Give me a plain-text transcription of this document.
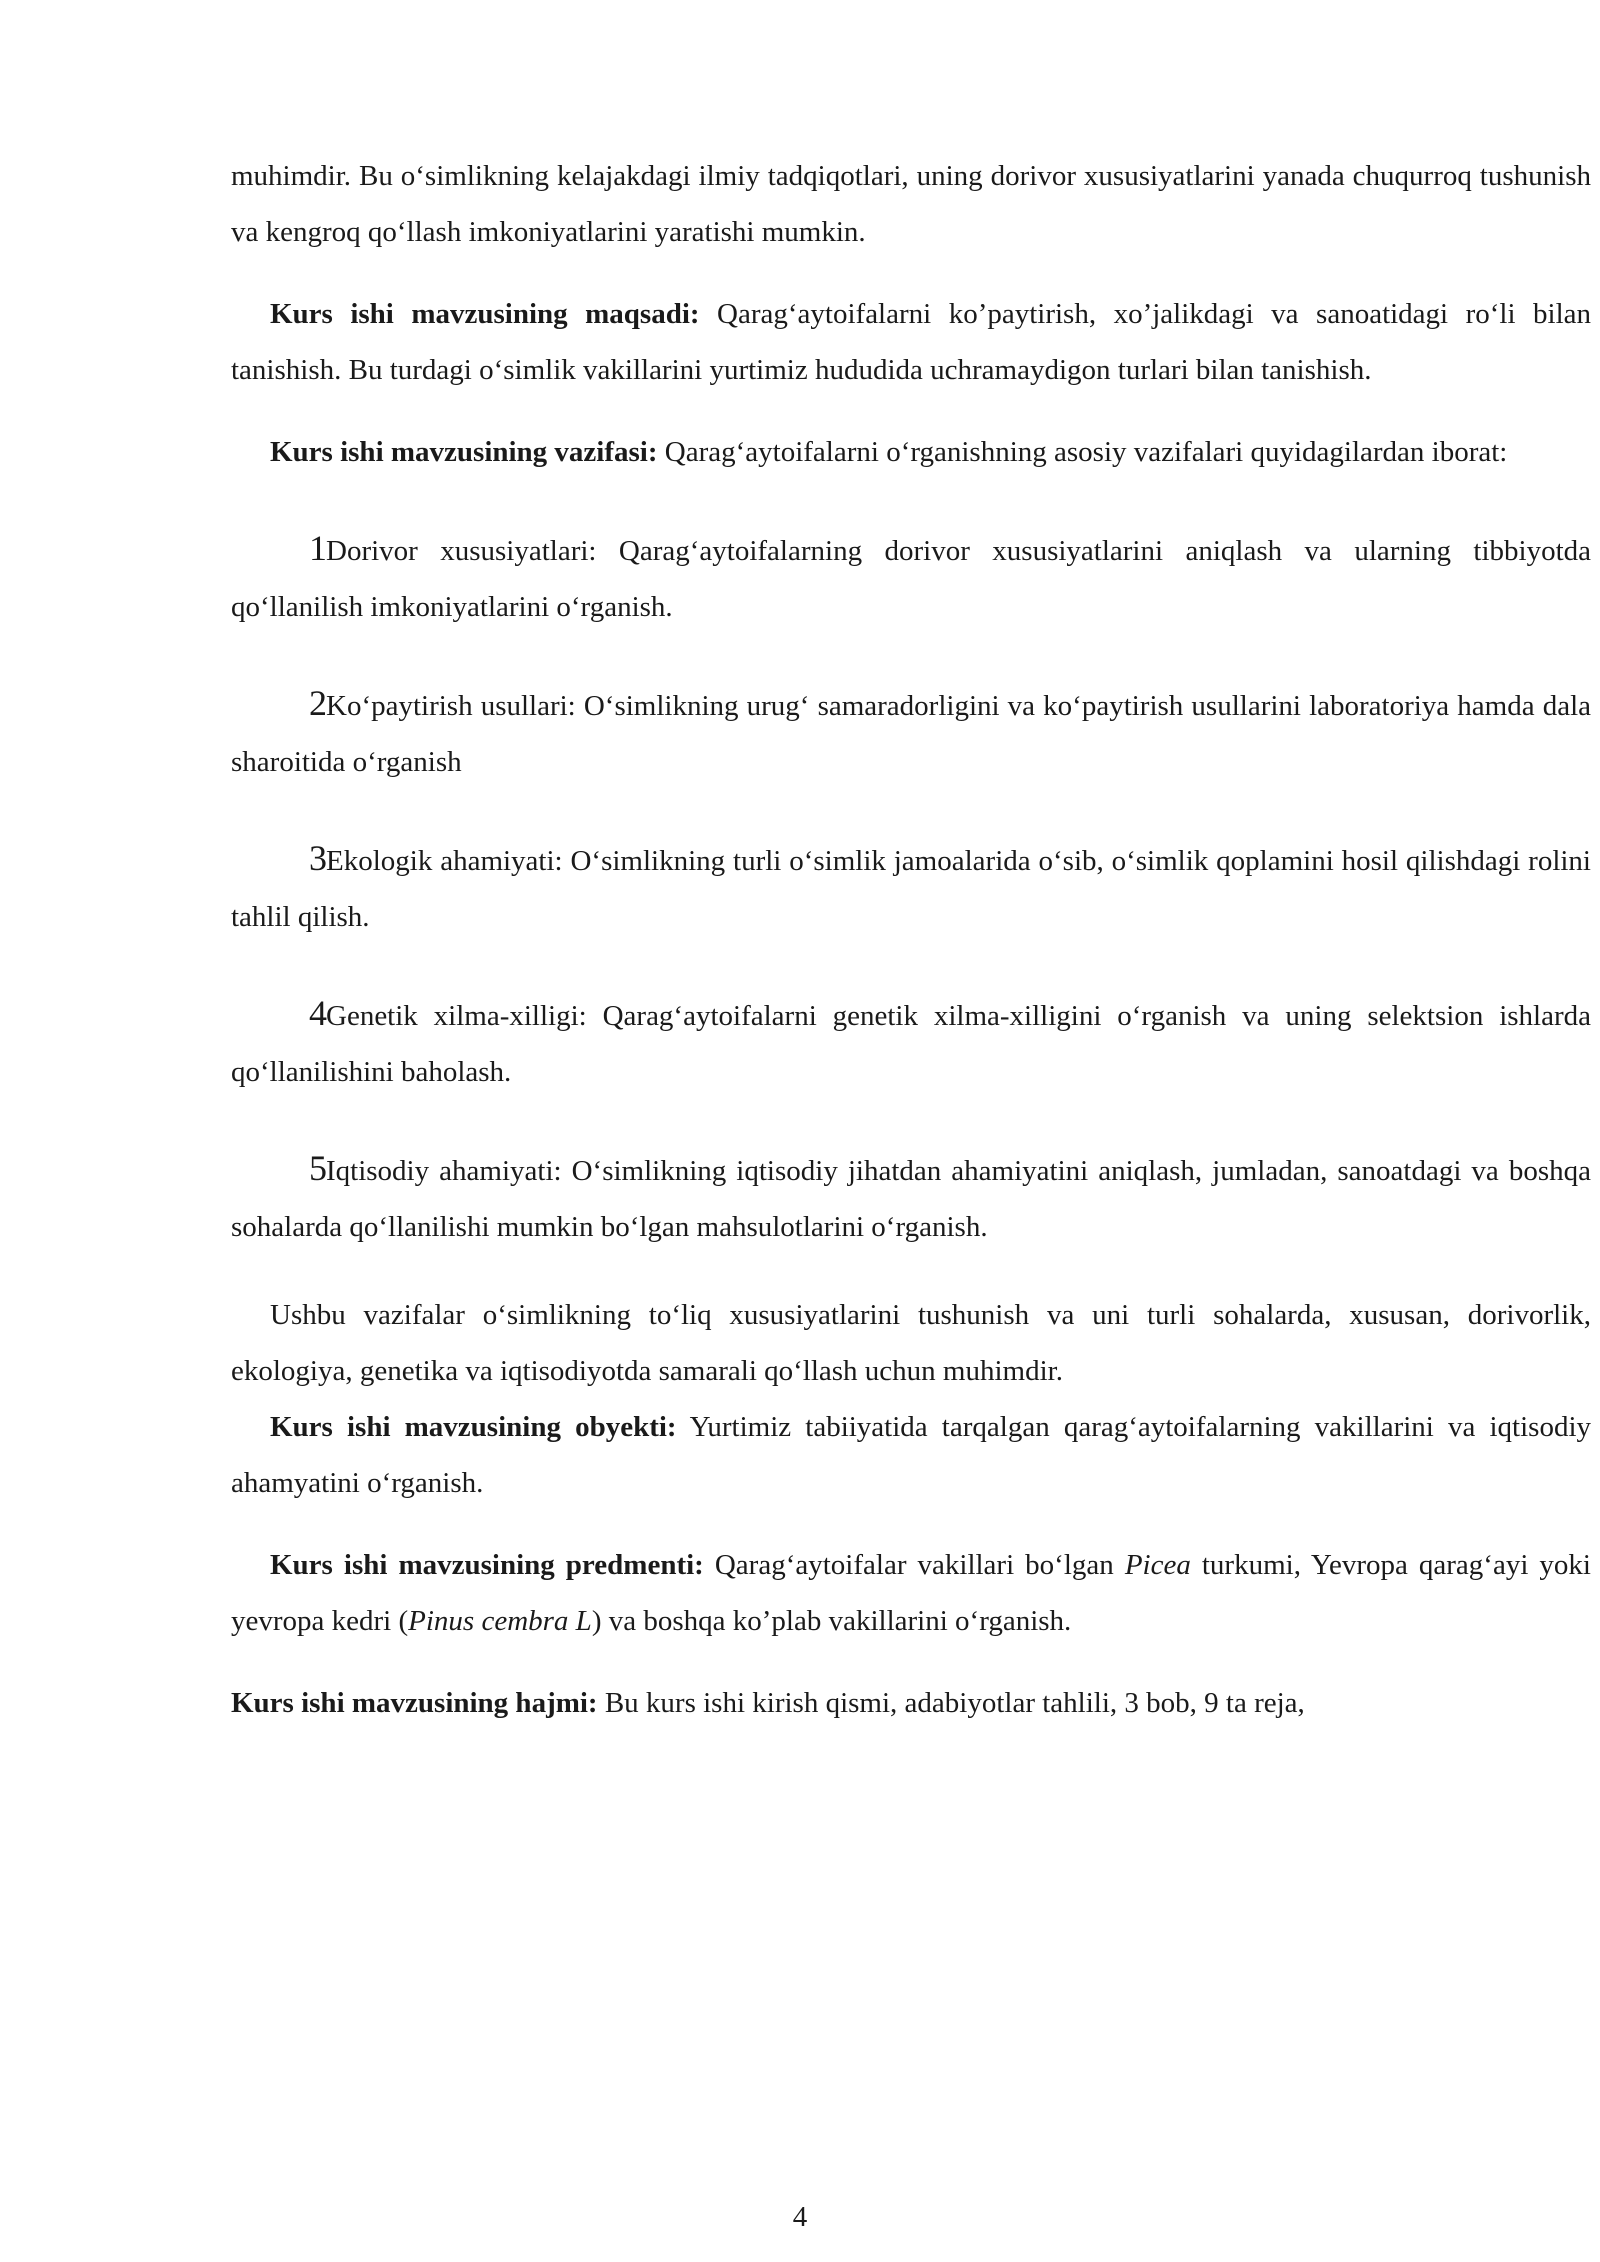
muhimdir. Bu o‘simlikning kelajakdagi ilmiy tadqiqotlari, uning dorivor xususiyatlarini yanada chuqurroq tushunish va kengroq qo‘llash imkoniyatlarini yaratishi mumkin.

Kurs ishi mavzusining maqsadi: Qarag‘aytoifalarni ko’paytirish, xo’jalikdagi va sanoatidagi ro‘li bilan tanishish. Bu turdagi o‘simlik vakillarini yurtimiz hududida uchramaydigon turlari bilan tanishish.

Kurs ishi mavzusining vazifasi: Qarag‘aytoifalarni o‘rganishning asosiy vazifalari quyidagilardan iborat:

1Dorivor xususiyatlari: Qarag‘aytoifalarning dorivor xususiyatlarini aniqlash va ularning tibbiyotda qo‘llanilish imkoniyatlarini o‘rganish.

2Ko‘paytirish usullari: O‘simlikning urug‘ samaradorligini va ko‘paytirish usullarini laboratoriya hamda dala sharoitida o‘rganish

3Ekologik ahamiyati: O‘simlikning turli o‘simlik jamoalarida o‘sib, o‘simlik qoplamini hosil qilishdagi rolini tahlil qilish.

4Genetik xilma-xilligi: Qarag‘aytoifalarni genetik xilma-xilligini o‘rganish va uning selektsion ishlarda qo‘llanilishini baholash.

5Iqtisodiy ahamiyati: O‘simlikning iqtisodiy jihatdan ahamiyatini aniqlash, jumladan, sanoatdagi va boshqa sohalarda qo‘llanilishi mumkin bo‘lgan mahsulotlarini o‘rganish.

Ushbu vazifalar o‘simlikning to‘liq xususiyatlarini tushunish va uni turli sohalarda, xususan, dorivorlik, ekologiya, genetika va iqtisodiyotda samarali qo‘llash uchun muhimdir.

Kurs ishi mavzusining obyekti: Yurtimiz tabiiyatida tarqalgan qarag‘aytoifalarning vakillarini va iqtisodiy ahamyatini o‘rganish.

Kurs ishi mavzusining predmenti: Qarag‘aytoifalar vakillari bo‘lgan Picea turkumi, Yevropa qarag‘ayi yoki yevropa kedri (Pinus cembra L) va boshqa ko’plab vakillarini o‘rganish.

Kurs ishi mavzusining hajmi: Bu kurs ishi kirish qismi, adabiyotlar tahlili, 3 bob, 9 ta reja,

4
